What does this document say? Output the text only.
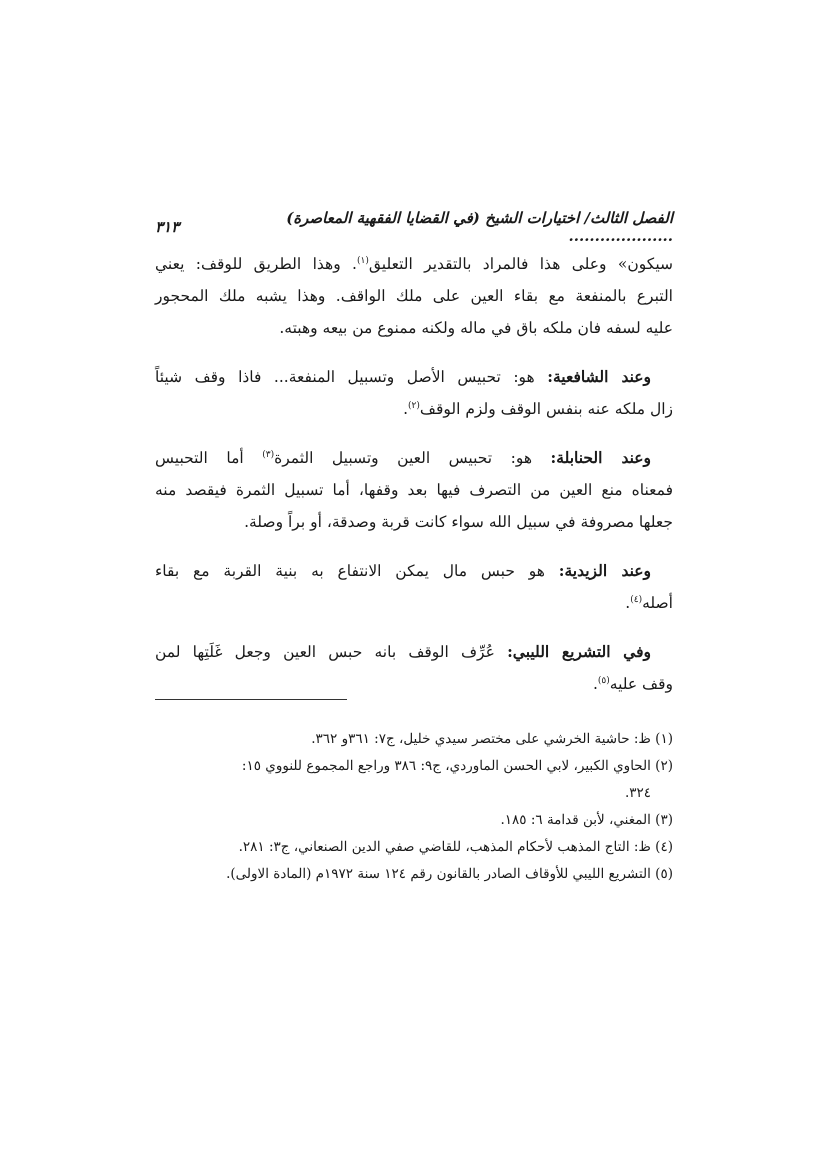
الفصل الثالث/ اختيارات الشيخ (في القضايا الفقهية المعاصرة) ....................
٣١٣
سيكون» وعلى هذا فالمراد بالتقدير التعليق$^{(١)}$. وهذا الطريق للوقف: يعني
التبرع بالمنفعة مع بقاء العين على ملك الواقف. وهذا يشبه ملك المحجور
عليه لسفه فان ملكه باق في ماله ولكنه ممنوع من بيعه وهبته.
وعند الشافعية: هو: تحبيس الأصل وتسبيل المنفعة... فاذا وقف شيئاً
زال ملكه عنه بنفس الوقف ولزم الوقف$^{(٢)}$.
وعند الحنابلة: هو: تحبيس العين وتسبيل الثمرة$^{(٣)}$ أما التحبيس
فمعناه منع العين من التصرف فيها بعد وقفها، أما تسبيل الثمرة فيقصد منه
جعلها مصروفة في سبيل الله سواء كانت قربة وصدقة، أو براً وصلة.
وعند الزيدية: هو حبس مال يمكن الانتفاع به بنية القربة مع بقاء
أصله$^{(٤)}$.
وفي التشريع الليبي: عُرِّف الوقف بانه حبس العين وجعل غَلَتِها لمن
وقف عليه$^{(٥)}$.
(١) ظ: حاشية الخرشي على مختصر سيدي خليل، ج٧: ٣٦١و ٣٦٢.
(٢) الحاوي الكبير، لابي الحسن الماوردي، ج٩: ٣٨٦ وراجع المجموع للنووي ١٥:
٣٢٤.
(٣) المغني، لأبن قدامة ٦: ١٨٥.
(٤) ظ: التاج المذهب لأحكام المذهب، للقاضي صفي الدين الصنعاني، ج٣: ٢٨١.
(٥) التشريع الليبي للأوقاف الصادر بالقانون رقم ١٢٤ سنة ١٩٧٢م (المادة الاولى).
